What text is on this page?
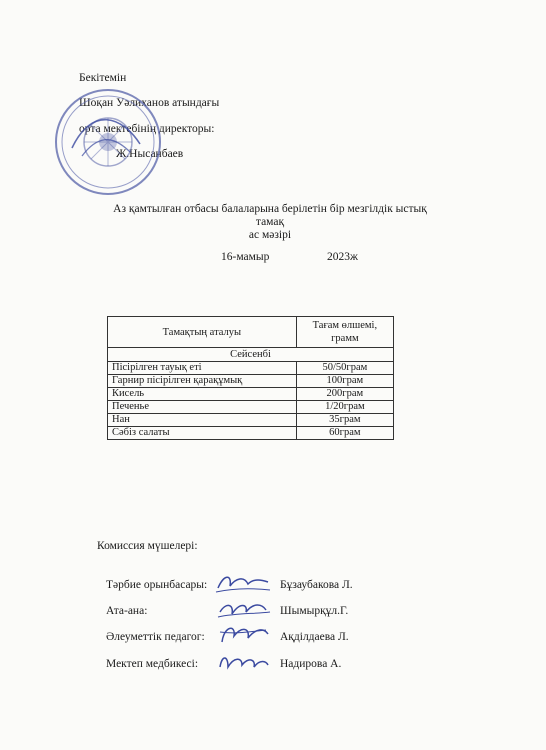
Бекітемін
Шоқан Уәлиханов атындағы
орта мектебінің директоры:
Ж.Нысанбаев
Аз қамтылған отбасы балаларына берілетін бір мезгілдік ыстық тамақ
ас мәзірі
16-мамыр	2023ж
Тамақтың аталуы	Тағам өлшемі,
грамм

Сейсенбі	
Пісірілген тауық еті	50/50грам
Гарнир пісірілген қарақұмық	100грам
Кисель	200грам
Печенье	1/20грам
Нан	35грам
Сәбіз салаты	60грам
Комиссия мүшелері:
Тәрбие орынбасары:	Бұзаубакова Л.
Ата-ана:	Шымырқұл.Г.
Әлеуметтік педагог:	Ақділдаева Л.
Мектеп медбикесі:	Надирова А.
